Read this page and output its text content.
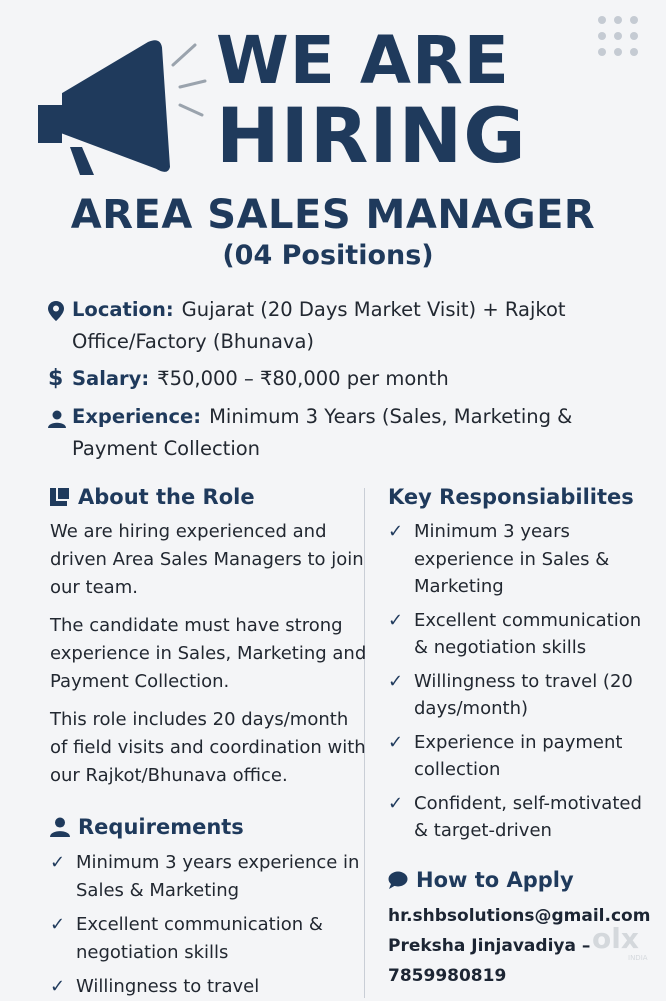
WE ARE
HIRING
AREA SALES MANAGER
(04 Positions)
Location: Gujarat (20 Days Market Visit) + Rajkot
Office/Factory (Bhunava)
$ Salary: ₹50,000 – ₹80,000 per month
Experience: Minimum 3 Years (Sales, Marketing &
Payment Collection
About the Role

We are hiring experienced and driven Area Sales Managers to join our team.

The candidate must have strong experience in Sales, Marketing and Payment Collection.

This role includes 20 days/month of field visits and coordination with our Rajkot/Bhunava office.

Requirements
✓ Minimum 3 years experience in Sales & Marketing
✓ Excellent communication & negotiation skills
✓ Willingness to travel
Key Responsiabilites
✓ Minimum 3 years experience in Sales & Marketing
✓ Excellent communication & negotiation skills
✓ Willingness to travel (20 days/month)
✓ Experience in payment collection
✓ Confident, self-motivated & target-driven
How to Apply
hr.shbsolutions@gmail.com
Preksha Jinjavadiya –
7859980819
olx
INDIA
